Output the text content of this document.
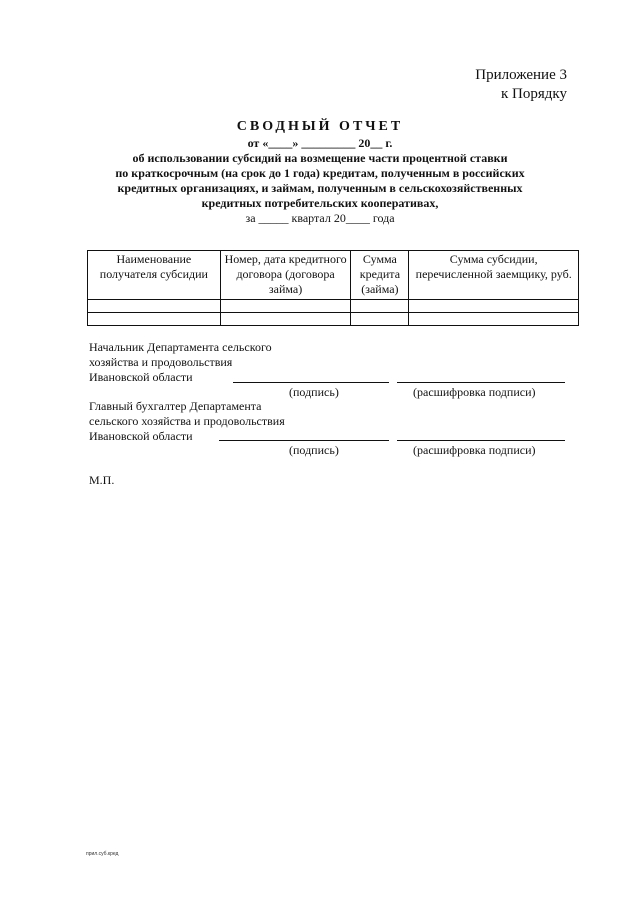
Приложение 3
к Порядку
СВОДНЫЙ ОТЧЕТ
от «____» _________ 20__ г.
об использовании субсидий на возмещение части процентной ставки
по краткосрочным (на срок до 1 года) кредитам, полученным в российских
кредитных организациях, и займам, полученным в сельскохозяйственных
кредитных потребительских кооперативах,
за _____ квартал 20____ года
Наименование получателя субсидии	Номер, дата кредитного договора (договора займа)	Сумма кредита (займа)	Сумма субсидии, перечисленной заемщику, руб.

Начальник Департамента сельского
хозяйства и продовольствия
Ивановской области
(подпись)	(расшифровка подписи)
Главный бухгалтер Департамента
сельского хозяйства и продовольствия
Ивановской области
(подпись)	(расшифровка подписи)
М.П.
прил.суб.кред
